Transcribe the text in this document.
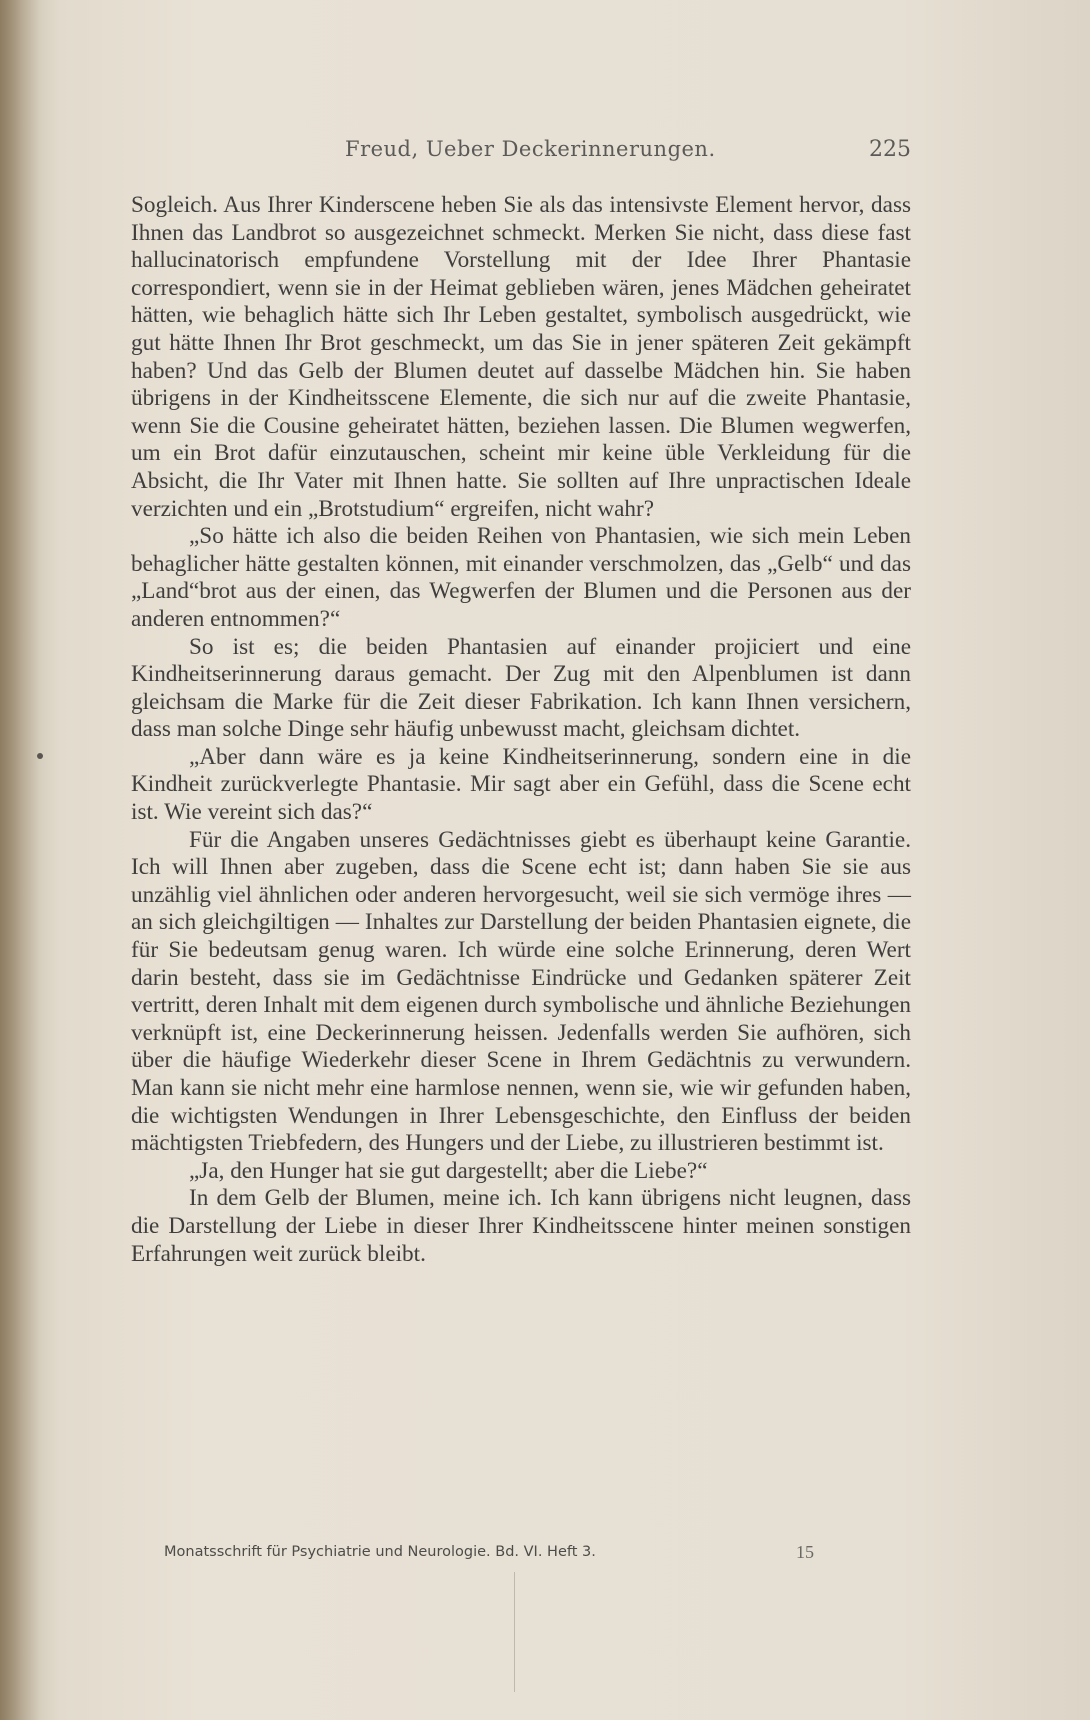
Freud, Ueber Deckerinnerungen.	225

Sogleich. Aus Ihrer Kinderscene heben Sie als das intensivste Element hervor, dass Ihnen das Landbrot so ausgezeichnet schmeckt. Merken Sie nicht, dass diese fast hallucinatorisch empfundene Vorstellung mit der Idee Ihrer Phantasie correspondiert, wenn sie in der Heimat geblieben wären, jenes Mädchen geheiratet hätten, wie behaglich hätte sich Ihr Leben gestaltet, symbolisch ausgedrückt, wie gut hätte Ihnen Ihr Brot geschmeckt, um das Sie in jener späteren Zeit gekämpft haben? Und das Gelb der Blumen deutet auf dasselbe Mädchen hin. Sie haben übrigens in der Kindheitsscene Elemente, die sich nur auf die zweite Phantasie, wenn Sie die Cousine geheiratet hätten, beziehen lassen. Die Blumen wegwerfen, um ein Brot dafür einzutauschen, scheint mir keine üble Verkleidung für die Absicht, die Ihr Vater mit Ihnen hatte. Sie sollten auf Ihre unpractischen Ideale verzichten und ein „Brotstudium“ ergreifen, nicht wahr?

„So hätte ich also die beiden Reihen von Phantasien, wie sich mein Leben behaglicher hätte gestalten können, mit einander verschmolzen, das „Gelb“ und das „Land“brot aus der einen, das Wegwerfen der Blumen und die Personen aus der anderen entnommen?“

So ist es; die beiden Phantasien auf einander projiciert und eine Kindheitserinnerung daraus gemacht. Der Zug mit den Alpenblumen ist dann gleichsam die Marke für die Zeit dieser Fabrikation. Ich kann Ihnen versichern, dass man solche Dinge sehr häufig unbewusst macht, gleichsam dichtet.

„Aber dann wäre es ja keine Kindheitserinnerung, sondern eine in die Kindheit zurückverlegte Phantasie. Mir sagt aber ein Gefühl, dass die Scene echt ist. Wie vereint sich das?“

Für die Angaben unseres Gedächtnisses giebt es überhaupt keine Garantie. Ich will Ihnen aber zugeben, dass die Scene echt ist; dann haben Sie sie aus unzählig viel ähnlichen oder anderen hervorgesucht, weil sie sich vermöge ihres — an sich gleichgiltigen — Inhaltes zur Darstellung der beiden Phantasien eignete, die für Sie bedeutsam genug waren. Ich würde eine solche Erinnerung, deren Wert darin besteht, dass sie im Gedächtnisse Eindrücke und Gedanken späterer Zeit vertritt, deren Inhalt mit dem eigenen durch symbolische und ähnliche Beziehungen verknüpft ist, eine Deckerinnerung heissen. Jedenfalls werden Sie aufhören, sich über die häufige Wiederkehr dieser Scene in Ihrem Gedächtnis zu verwundern. Man kann sie nicht mehr eine harmlose nennen, wenn sie, wie wir gefunden haben, die wichtigsten Wendungen in Ihrer Lebensgeschichte, den Einfluss der beiden mächtigsten Triebfedern, des Hungers und der Liebe, zu illustrieren bestimmt ist.

„Ja, den Hunger hat sie gut dargestellt; aber die Liebe?“

In dem Gelb der Blumen, meine ich. Ich kann übrigens nicht leugnen, dass die Darstellung der Liebe in dieser Ihrer Kindheitsscene hinter meinen sonstigen Erfahrungen weit zurück bleibt.

Monatsschrift für Psychiatrie und Neurologie. Bd. VI. Heft 3.	15
